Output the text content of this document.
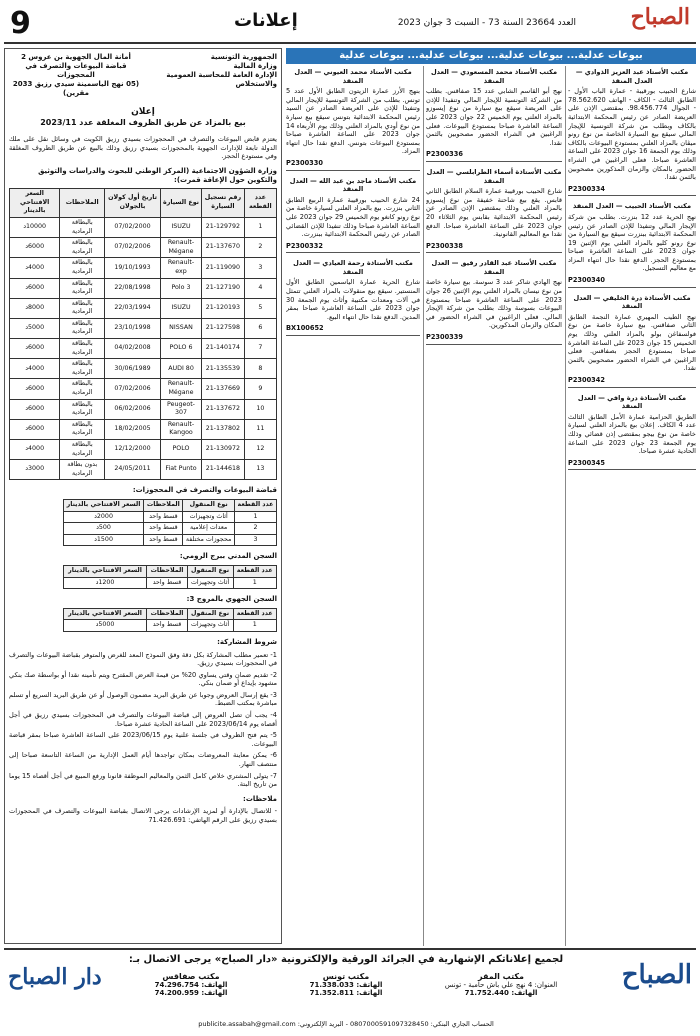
9	إعلانات	العدد 23664 السنة 73 - السبت 3 جوان 2023 الصباح
بيوعات عدلية... بيوعات عدلية... بيوعات عدلية... بيوعات عدلية
مكتب الأستاذ عبد العزيز الذوادي — العدل المنفذ

شارع الحبيب بورقيبة - عمارة الباب الأول - الطابق الثالث - الكاف - الهاتف 78.562.620 - الجوال 98.456.774. بمقتضى الإذن على العريضة الصادر عن رئيس المحكمة الابتدائية بالكاف وبطلب من شركة التونسية للإيجار المالي سيقع بيع السيارة الخاصة من نوع رونو ميڨان بالمزاد العلني بمستودع البيوعات بالكاف وذلك يوم الجمعة 16 جوان 2023 على الساعة العاشرة صباحا. فعلى الراغبين في الشراء الحضور بالمكان والزمان المذكورين مصحوبين بالثمن نقدا.

P2300334
مكتب الأستاذ الحبيب — العدل المنفذ

نهج الحرية عدد 12 بنزرت. بطلب من شركة الإيجار المالي وتنفيذا للإذن الصادر عن رئيس المحكمة الابتدائية ببنزرت سيقع بيع السيارة من نوع رونو كليو بالمزاد العلني يوم الإثنين 19 جوان 2023 على الساعة العاشرة صباحا بمستودع الحجز. الدفع نقدا حال انتهاء المزاد مع معاليم التسجيل.

P2300340
مكتب الأستاذة درة الخليفي — العدل المنفذ

نهج الطيب المهيري عمارة النجمة الطابق الثاني صفاقس. بيع سيارة خاصة من نوع فولسفاغن بولو بالمزاد العلني وذلك يوم الخميس 15 جوان 2023 على الساعة العاشرة صباحا بمستودع الحجز بصفاقس. فعلى الراغبين في الشراء الحضور مصحوبين بالثمن نقدا.

P2300342
مكتب الأستاذة درة وافي — العدل المنفذ

الطريق الحزامية عمارة الأمل الطابق الثالث عدد 4 الكاف. إعلان بيع بالمزاد العلني لسيارة خاصة من نوع بيجو بمقتضى إذن قضائي وذلك يوم الجمعة 23 جوان 2023 على الساعة الحادية عشرة صباحا.

P2300345
مكتب الأستاذ محمد المسعودي — العدل المنفذ

نهج أبو القاسم الشابي عدد 15 صفاقس. بطلب من الشركة التونسية للإيجار المالي وتنفيذا للإذن على العريضة سيقع بيع سيارة من نوع إيسوزو بالمزاد العلني يوم الخميس 22 جوان 2023 على الساعة العاشرة صباحا بمستودع البيوعات. فعلى الراغبين في الشراء الحضور مصحوبين بالثمن نقدا.

P2300336
مكتب الأستاذة أسماء الطرابلسي — العدل المنفذ

شارع الحبيب بورقيبة عمارة السلام الطابق الثاني قابس. يقع بيع شاحنة خفيفة من نوع إيسوزو بالمزاد العلني وذلك بمقتضى الإذن الصادر عن رئيس المحكمة الابتدائية بقابس يوم الثلاثاء 20 جوان 2023 على الساعة العاشرة صباحا. الدفع نقدا مع المعاليم القانونية.

P2300338
مكتب الأستاذ عبد القادر رقيق — العدل المنفذ

نهج الهادي شاكر عدد 3 سوسة. بيع سيارة خاصة من نوع نيسان بالمزاد العلني يوم الإثنين 26 جوان 2023 على الساعة العاشرة صباحا بمستودع البيوعات بسوسة وذلك بطلب من شركة الإيجار المالي. فعلى الراغبين في الشراء الحضور في المكان والزمان المذكورين.

P2300339
مكتب الأستاذ محمد العيوني — العدل المنفذ

بنهج الأرز عمارة الزيتون الطابق الأول عدد 5 تونس. بطلب من الشركة التونسية للإيجار المالي وتنفيذا للإذن على العريضة الصادر عن السيد رئيس المحكمة الابتدائية بتونس سيقع بيع سيارة من نوع أودي بالمزاد العلني وذلك يوم الأربعاء 14 جوان 2023 على الساعة العاشرة صباحا بمستودع البيوعات بتونس. الدفع نقدا حال انتهاء المزاد.

P2300330
مكتب الأستاذ ماجد بن عبد الله — العدل المنفذ

24 شارع الحبيب بورقيبة عمارة الربيع الطابق الثاني بنزرت. بيع بالمزاد العلني لسيارة خاصة من نوع رونو كانغو يوم الخميس 29 جوان 2023 على الساعة العاشرة صباحا وذلك تنفيذا للإذن القضائي الصادر عن رئيس المحكمة الابتدائية ببنزرت.

P2300332
مكتب الأستاذة رحمة العيادي — العدل المنفذ

شارع الحرية عمارة الياسمين الطابق الأول المنستير. سيقع بيع منقولات بالمزاد العلني تتمثل في آلات ومعدات مكتبية وأثاث يوم الجمعة 30 جوان 2023 على الساعة العاشرة صباحا بمقر المدين. الدفع نقدا حال انتهاء البيع.

BX100652
الجمهورية التونسية
وزارة المالية
الإدارة العامة للمحاسبة العمومية والاستخلاص
أمانة المال الجهوية بن عروس 2
قباضة البيوعات والتصرف في المحجوزات
(05 نهج الياسمينة سيدي رزيق 2033 مقرين)
إعلان
بيع بالمزاد عن طريق الظروف المغلقة عدد 2023/11
يعتزم قابض البيوعات والتصرف في المحجوزات بسيدي رزيق الكويت في وسائل نقل على ملك الدولة تابعة للإدارات الجهوية بالمحجوزات بسيدي رزيق وذلك بالبيع عن طريق الظروف المغلقة وفي مستودع الحجز.
وزارة الشؤون الاجتماعية (المركز الوطني للبحوث والدراسات والتوثيق والتكوين حول الإعاقة قمرت):
عدد القطعة	رقم تسجيل السيارة	نوع السيارة	تاريخ أول كولان بالجولان	الملاحظات	السعر الافتتاحي بالدينار
1	21-129792	ISUZU	07/02/2000	بالبطاقة الرمادية	10000د
2	21-137670	Renault-Mégane	07/02/2006	بالبطاقة الرمادية	6000د
3	21-119090	Renault-exp	19/10/1993	بالبطاقة الرمادية	4000د
4	21-127190	Polo 3	22/08/1998	بالبطاقة الرمادية	6000د
5	21-120193	ISUZU	22/03/1994	بالبطاقة الرمادية	8000د
6	21-127598	NISSAN	23/10/1998	بالبطاقة الرمادية	5000د
7	21-140174	POLO 6	04/02/2008	بالبطاقة الرمادية	6000د
8	21-135539	AUDI 80	30/06/1989	بالبطاقة الرمادية	4000د
9	21-137669	Renault-Mégane	07/02/2006	بالبطاقة الرمادية	6000د
10	21-137672	Peugeot-307	06/02/2006	بالبطاقة الرمادية	6000د
11	21-137802	Renault-Kangoo	18/02/2005	بالبطاقة الرمادية	6000د
12	21-130972	POLO	12/12/2000	بالبطاقة الرمادية	4000د
13	21-144618	Fiat Punto	24/05/2011	بدون بطاقة الرمادية	3000د
قباضة البيوعات والتصرف في المحجوزات:
عدد القطعة	نوع المنقول	الملاحظات	السعر الافتتاحي بالدينار
1	أثاث وتجهيزات	قسط واحد	2000د
2	معدات إعلامية	قسط واحد	500د
3	محجوزات مختلفة	قسط واحد	1500د
السجن المدني ببرج الرومي:
عدد القطعة	نوع المنقول	الملاحظات	السعر الافتتاحي بالدينار
1	أثاث وتجهيزات	قسط واحد	1200د
السجن الجهوي بالمروج 3:
عدد القطعة	نوع المنقول	الملاحظات	السعر الافتتاحي بالدينار
1	أثاث وتجهيزات	قسط واحد	5000د
شروط المشاركة:
1- تعمير مطلب المشاركة بكل دقة وفق النموذج المعد للغرض والمتوفر بقباضة البيوعات والتصرف في المحجوزات بسيدي رزيق.
2- تقديم ضمان وقتي يساوي 20% من قيمة العرض المقترح ويتم تأمينه نقدا أو بواسطة صك بنكي مشهود بإيداع أو ضمان بنكي.
3- يقع إرسال العروض وجوبا عن طريق البريد مضمون الوصول أو عن طريق البريد السريع أو تسلم مباشرة بمكتب الضبط.
4- يجب أن تصل العروض إلى قباضة البيوعات والتصرف في المحجوزات بسيدي رزيق في أجل أقصاه يوم 2023/06/14 على الساعة الحادية عشرة صباحا.
5- يتم فتح الظروف في جلسة علنية يوم 2023/06/15 على الساعة العاشرة صباحا بمقر قباضة البيوعات.
6- يمكن معاينة المعروضات بمكان تواجدها أيام العمل الإدارية من الساعة التاسعة صباحا إلى منتصف النهار.
7- يتولى المشتري خلاص كامل الثمن والمعاليم الموظفة قانونا ورفع المبيع في أجل أقصاه 15 يوما من تاريخ البتة.
ملاحظات:
- للاتصال بالإدارة أو لمزيد الإرشادات يرجى الاتصال بقباضة البيوعات والتصرف في المحجوزات بسيدي رزيق على الرقم الهاتفي: 71.426.691
الصباح
لجميع إعلاناتكم الإشهارية في الجرائد الورقية والإلكترونية «دار الصباح» يرجى الاتصال بـ:
مكتب المقر
العنوان: 4 نهج علي باش حامبة - تونس
الهاتف: 71.752.440
مكتب تونس
الهاتف: 71.338.033
الهاتف: 71.352.811
مكتب صفاقس
الهاتف: 74.296.754
الهاتف: 74.200.959
الحساب الجاري البنكي: 0807000591097328450 - البريد الإلكتروني: publicite.assabah@gmail.com
دار الصباح
